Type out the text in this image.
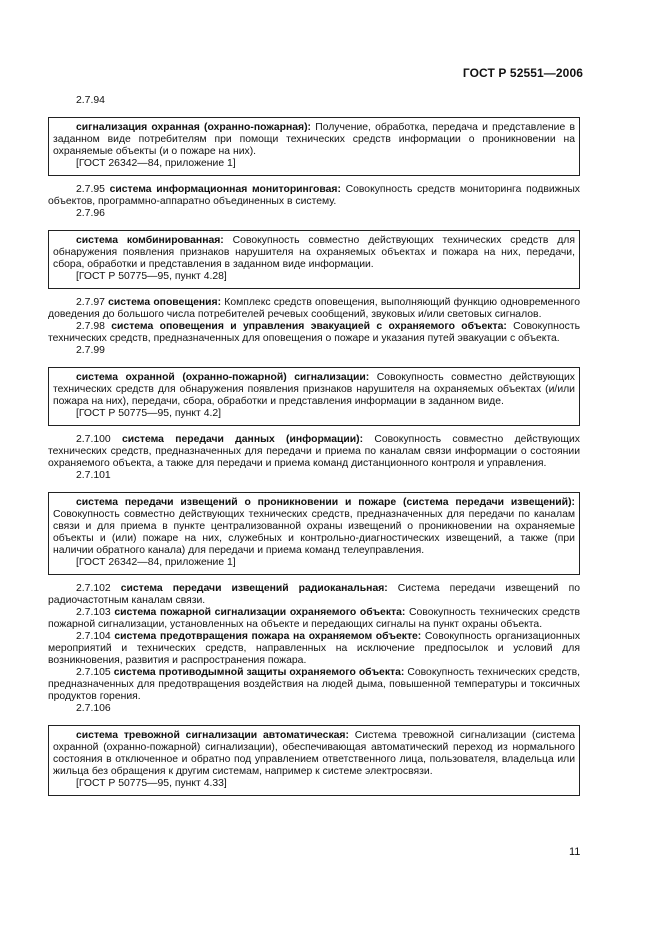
ГОСТ Р 52551—2006

2.7.94

сигнализация охранная (охранно-пожарная): Получение, обработка, передача и представление в заданном виде потребителям при помощи технических средств информации о проникновении на охраняемые объекты (и о пожаре на них).

[ГОСТ 26342—84, приложение 1]

2.7.95 система информационная мониторинговая: Совокупность средств мониторинга подвижных объектов, программно-аппаратно объединенных в систему.

2.7.96

система комбинированная: Совокупность совместно действующих технических средств для обнаружения появления признаков нарушителя на охраняемых объектах и пожара на них, передачи, сбора, обработки и представления в заданном виде информации.

[ГОСТ Р 50775—95, пункт 4.28]

2.7.97 система оповещения: Комплекс средств оповещения, выполняющий функцию одновременного доведения до большого числа потребителей речевых сообщений, звуковых и/или световых сигналов.

2.7.98 система оповещения и управления эвакуацией с охраняемого объекта: Совокупность технических средств, предназначенных для оповещения о пожаре и указания путей эвакуации с объекта.

2.7.99

система охранной (охранно-пожарной) сигнализации: Совокупность совместно действующих технических средств для обнаружения появления признаков нарушителя на охраняемых объектах (и/или пожара на них), передачи, сбора, обработки и представления информации в заданном виде.

[ГОСТ Р 50775—95, пункт 4.2]

2.7.100 система передачи данных (информации): Совокупность совместно действующих технических средств, предназначенных для передачи и приема по каналам связи информации о состоянии охраняемого объекта, а также для передачи и приема команд дистанционного контроля и управления.

2.7.101

система передачи извещений о проникновении и пожаре (система передачи извещений): Совокупность совместно действующих технических средств, предназначенных для передачи по каналам связи и для приема в пункте централизованной охраны извещений о проникновении на охраняемые объекты и (или) пожаре на них, служебных и контрольно-диагностических извещений, а также (при наличии обратного канала) для передачи и приема команд телеуправления.

[ГОСТ 26342—84, приложение 1]

2.7.102 система передачи извещений радиоканальная: Система передачи извещений по радиочастотным каналам связи.

2.7.103 система пожарной сигнализации охраняемого объекта: Совокупность технических средств пожарной сигнализации, установленных на объекте и передающих сигналы на пункт охраны объекта.

2.7.104 система предотвращения пожара на охраняемом объекте: Совокупность организационных мероприятий и технических средств, направленных на исключение предпосылок и условий для возникновения, развития и распространения пожара.

2.7.105 система противодымной защиты охраняемого объекта: Совокупность технических средств, предназначенных для предотвращения воздействия на людей дыма, повышенной температуры и токсичных продуктов горения.

2.7.106

система тревожной сигнализации автоматическая: Система тревожной сигнализации (система охранной (охранно-пожарной) сигнализации), обеспечивающая автоматический переход из нормального состояния в отключенное и обратно под управлением ответственного лица, пользователя, владельца или жильца без обращения к другим системам, например к системе электросвязи.

[ГОСТ Р 50775—95, пункт 4.33]

11
